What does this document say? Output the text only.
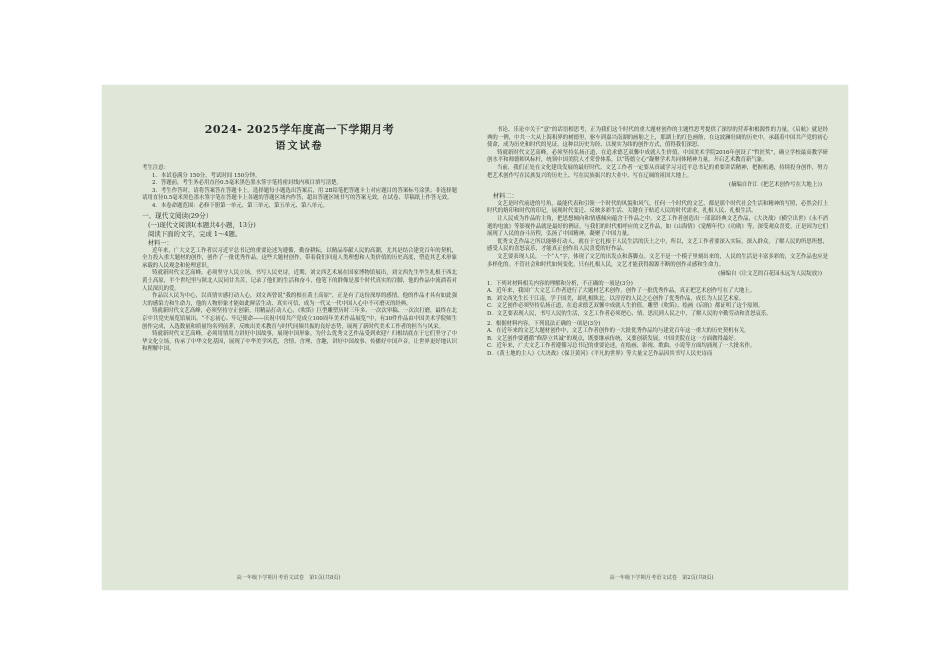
2024- 2025学年度高一下学期月考
语文试卷

考生注意：

1．本试卷满分 150分，考试时间 150分钟。

2．答题前，考生务必用直径0.5毫米黑色墨水签字笔将密封线内项目填写清楚。

3．考生作答时，请将答案答在答题卡上。选择题每小题选出答案后，用 2B铅笔把答题卡上对应题目的答案标号涂黑；非选择题请用直径0.5毫米黑色墨水签字笔在答题卡上各题的答题区域内作答，超出答题区域书写的答案无效，在试卷、草稿纸上作答无效。

4．本卷命题范围：必修下册第一单元、第三单元、第五单元、第八单元。

一、现代文阅读(29分）

(一)现代文阅读Ⅰ(本题共4小题，13分)

阅读下面的文字，完成 1～4题。

材料一：

近年来，广大文艺工作者以习近平总书记的重要论述为遵循，勤奋耕耘，以精品奉献人民的高潮，尤其是结合建党百年的契机，全力投入重大题材的创作，创作了一批优秀作品。这些大题材创作，带着我们回返人类理想和人类价值的历史高度，塑造其艺术形象承载的人民观念和伦理意识。

铸就新时代文艺高峰，必须坚守人民立场，书写人民史诗，近期，刘文西艺术展在国家博物馆展出，刘文西先生毕生扎根于西北黄土高原，半个世纪里与陕北人民同甘共苦，记录了他们的生活和奋斗，他笔下的群像是那个时代真实的注脚，他的作品中流淌着对人民深沉的爱。

作品以人民为中心，以真情实感打动人心，刘文西曾说“我的根在黄土高原”，正是有了这份深厚的感情，他的作品才具有如此强大的感染力和生命力，他的人物形象才能如此鲜活生动、真实可信，成为一代又一代中国人心中不可磨灭的经典。

铸就新时代文艺高峰，必须坚持守正创新，用精品打动人心，《吹笛》巨型雕塑历时三年多、一次次审稿、一次次打磨，最终在北京中共党史展览馆展出。“不忘初心、牢记使命——庆祝中国共产党成立100周年美术作品展览”中，有30件作品由中国美术学院师生创作完成，入选数量和质量均名列前茅，反映出美术教育与时代同频共振的良好态势，展现了新时代美术工作者的担当与风采。

铸就新时代文艺高峰，必须用情用力讲好中国故事，展现中国形象。为什么优秀文艺作品受到欢迎？归根结底在于它们坚守了中华文化立场，传承了中华文化基因，展现了中华美学风范，含情、含理、含趣，讲好中国故事、传播好中国声音，让世界更好地认识和理解中国。

高一年级下学期月考语文试卷　第1页(共8页)

书论、乐论中关于“意”的话语相思考，正为我们这个时代的重大题材创作的主题性思考提供了深厚的营养和根源性的力量。《启航》就是经典的一例，中共一大从上海租界的树德里，驱车到嘉兴南湖的画舫之上，那湖上的红色画舫，在这波澜壮阔的历史中，承载着中国共产党的初心使命，成为历史和时代的见证，这种以历史为经、以现实为纬的创作方式，值得我们深思。

铸就新时代文艺高峰，必须坚持弘扬正道，在追求德艺双馨中成就人生价值。中国美术学院2016年创设了“哲匠奖”，确立学校最高教学研创水平和师德师风标杆，统领中国美院人才荣誉体系，以“铸德立心”凝聚学术共同体精神力量，开启艺术教育新气象。

当前，我们正处在文化建设发展的最好时代，文艺工作者一定要从真诚学习习近平总书记的重要讲话精神，把握机遇，持续投身创作，努力把艺术创作写在民族复兴的历史上、写在民族振兴的大业中、写在辽阔的祖国大地上。

(摘编自许江《把艺术创作写在大地上》)

材料二：

文艺是时代前进的号角，最能代表和引领一个时代的风貌和风气。任何一个时代的文艺，都是那个时代社会生活和精神的写照，必然会打上时代的烙印和时代的印记。展现时代变迁、反映多彩生活、关键在于贴近人民的时代需求，扎根人民、扎根生活。

让人民成为作品的主角，把思想倾向和情感倾向蕴含于作品之中。文艺工作者创造出一部部经典文艺作品，《大决战》《横空出世》《永不消逝的电波》等影视作品就是最好的例证。与我们的时代相呼应的文艺作品，如《山海情》《觉醒年代》《功勋》等，深受观众喜爱，正是因为它们展现了人民的奋斗历程，弘扬了中国精神，凝聚了中国力量。

优秀文艺作品之所以能够打动人，就在于它扎根于人民生活的沃土之中，所以，文艺工作者要深入实际，深入群众，了解人民的所思所想，感受人民的喜怒哀乐，才能真正创作出人民喜爱的好作品。

文艺要表现人民，一个“人”字，体现了文艺的出发点和落脚点。文艺不是一个模子里刻出来的，人民的生活是丰富多彩的，文艺作品也应是多样化的。不管社会和时代如何变化，只有扎根人民，文艺才能获得源源不断的创作灵感和生命力。

(摘编自《让文艺的百花园永远为人民绽放》)

1．下列对材料相关内容的理解和分析，不正确的一项是(3分)

A．近年来，我国广大文艺工作者进行了大题材艺术创作，创作了一批优秀作品，真正把艺术创作写在了大地上。

B．刘文西先生长于江南，学于国美，却扎根陕北，以淳淳的人民之心创作了优秀作品，成长为人民艺术家。

C．文艺创作必须坚持弘扬正道，在追求德艺双馨中成就人生价值，雕塑《吹笛》、绘画《启航》都证明了这个原则。

D．文艺要表现人民，书写人民的生活，文艺工作者必须把心、情、思沉到人民之中，了解人民的辛勤劳动和喜怒哀乐。

2．根据材料内容，下列说法正确的一项是(3分)

A．在近年来的文艺大题材创作中，文艺工作者创作的一大批优秀作品均与建党百年这一重大的历史契机有关。

B．文艺创作要遵循“修辞立其诚”的观点，既要继承传统，又要创新发展，中国美院在这一方面做得最好。

C．近年来，广大文艺工作者遵循习总书记的重要论述，在绘画、影视、歌曲、小说等方面均涌现了一大批名作。

D．《黄土地的主人》《大决战》《保卫黄河》《平凡的世界》等大量文艺作品因其书写人民史诗而

高一年级下学期月考语文试卷　第2页(共8页)
